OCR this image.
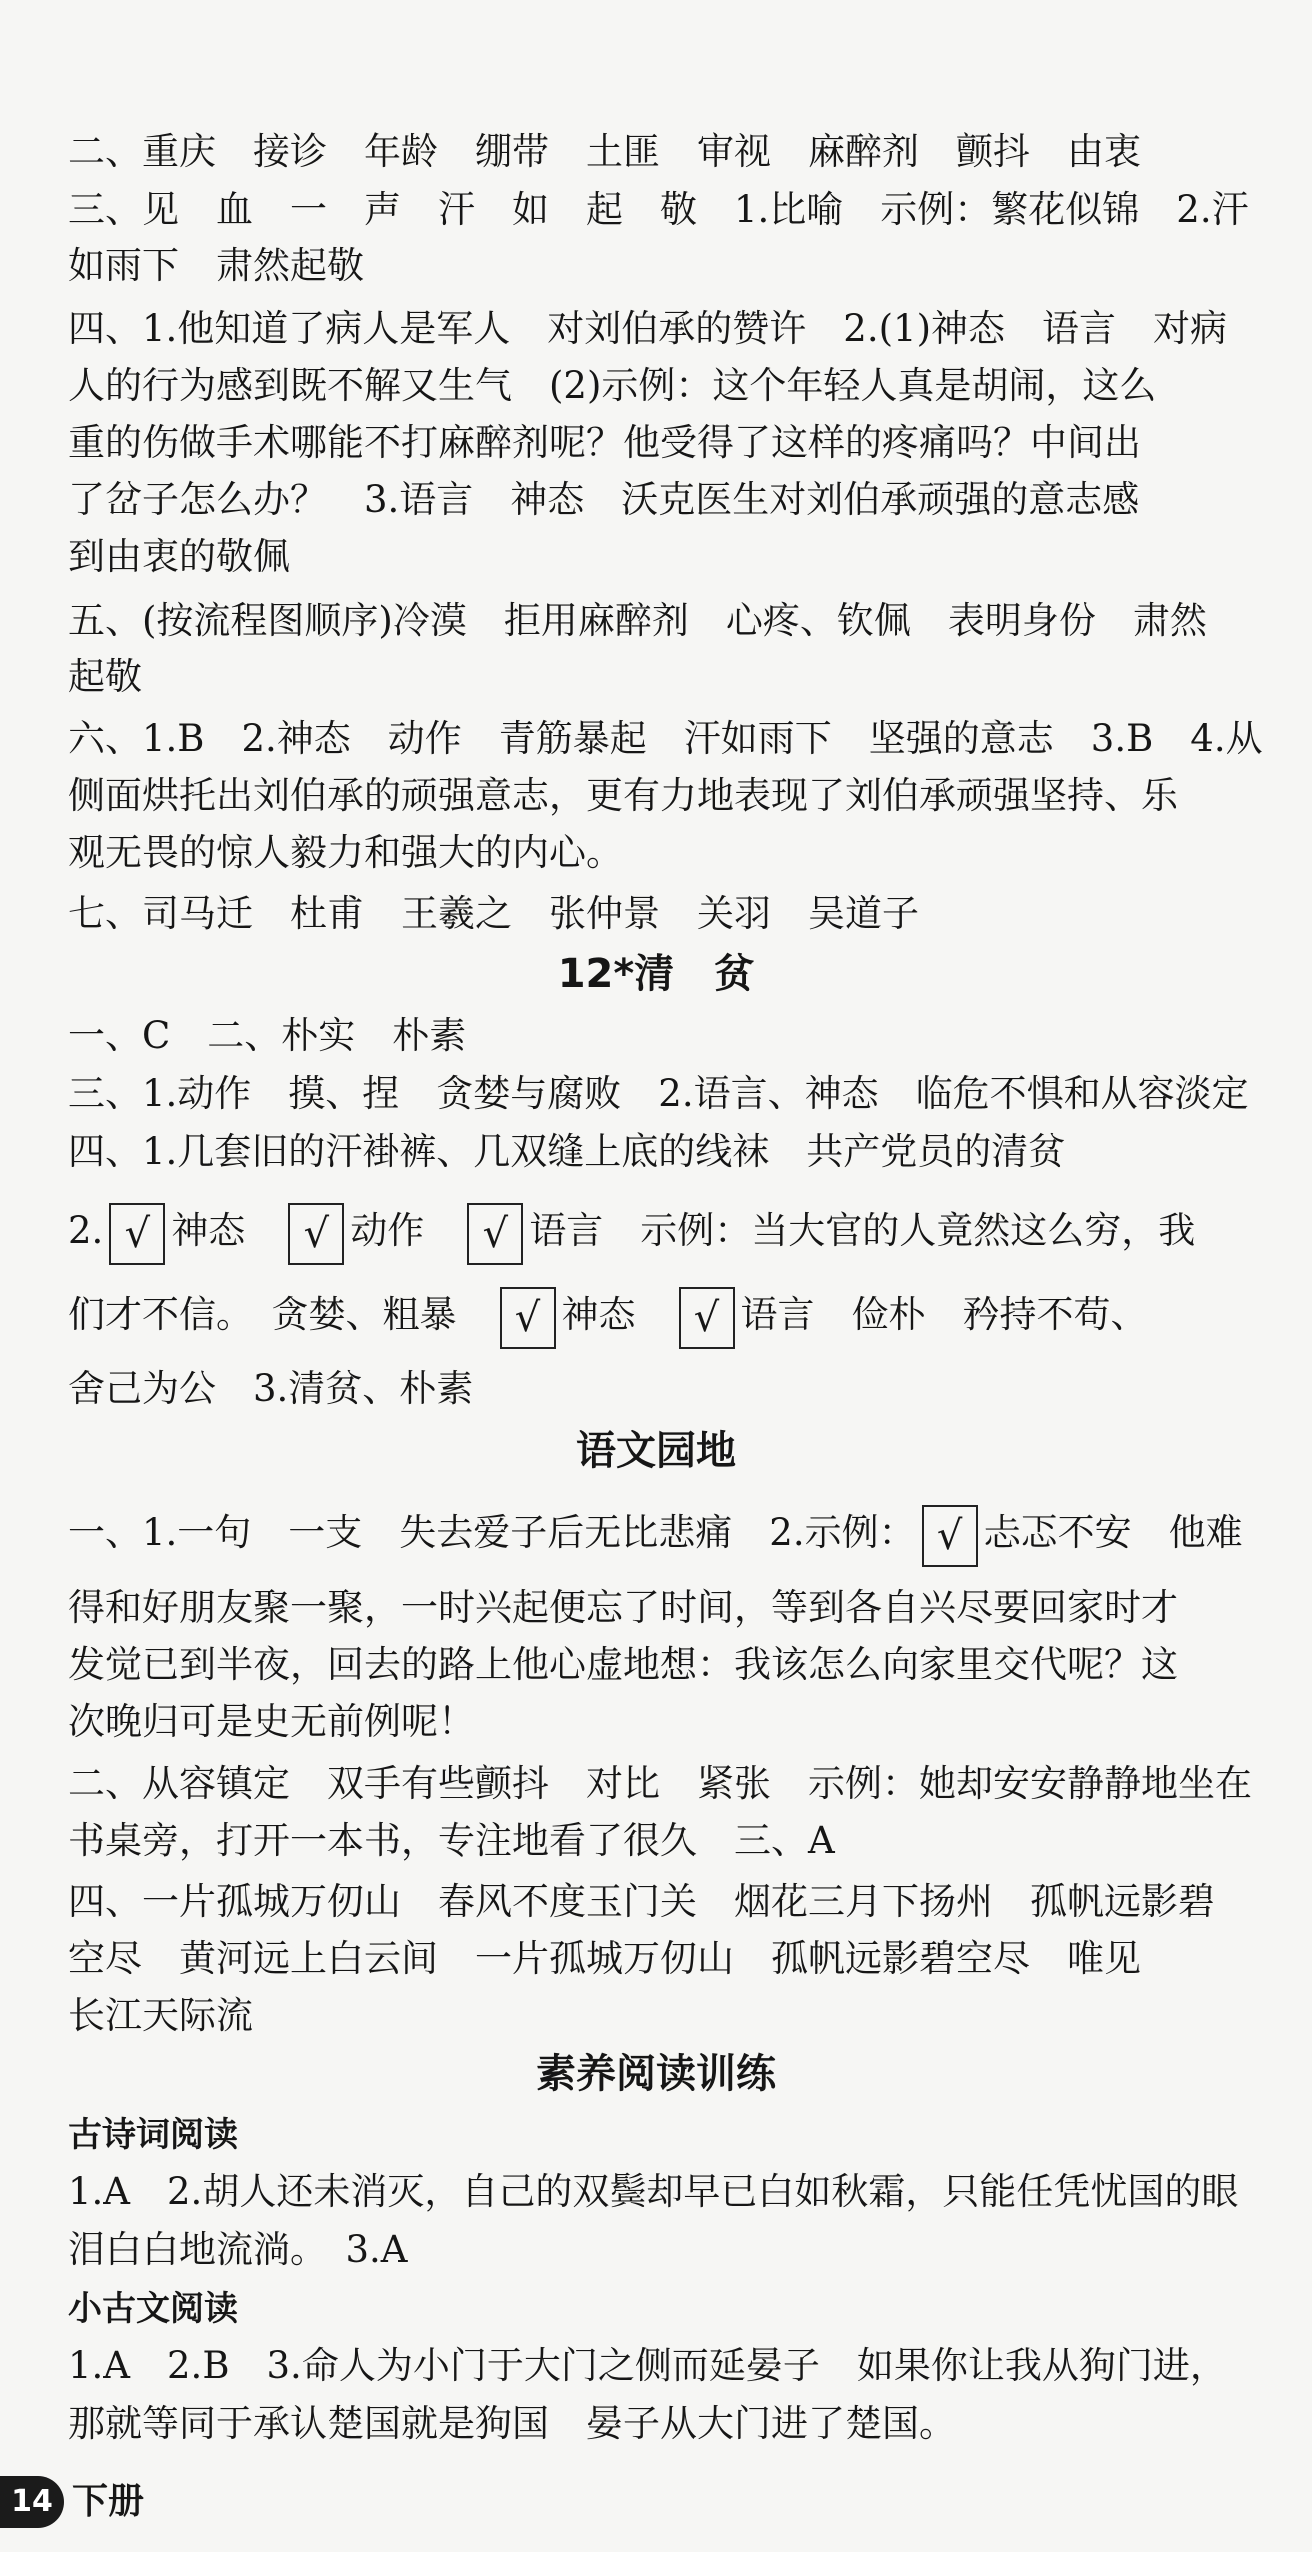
二、重庆　接诊　年龄　绷带　土匪　审视　麻醉剂　颤抖　由衷
三、见　血　一　声　汗　如　起　敬　1.比喻　示例：繁花似锦　2.汗
如雨下　肃然起敬
四、1.他知道了病人是军人　对刘伯承的赞许　2.(1)神态　语言　对病
人的行为感到既不解又生气　(2)示例：这个年轻人真是胡闹，这么
重的伤做手术哪能不打麻醉剂呢？他受得了这样的疼痛吗？中间出
了岔子怎么办？　3.语言　神态　沃克医生对刘伯承顽强的意志感
到由衷的敬佩
五、(按流程图顺序)冷漠　拒用麻醉剂　心疼、钦佩　表明身份　肃然
起敬
六、1.B　2.神态　动作　青筋暴起　汗如雨下　坚强的意志　3.B　4.从
侧面烘托出刘伯承的顽强意志，更有力地表现了刘伯承顽强坚持、乐
观无畏的惊人毅力和强大的内心。
七、司马迁　杜甫　王羲之　张仲景　关羽　吴道子
12*清　贫
一、C　二、朴实　朴素
三、1.动作　摸、捏　贪婪与腐败　2.语言、神态　临危不惧和从容淡定
四、1.几套旧的汗褂裤、几双缝上底的线袜　共产党员的清贫
2. √ 神态　√ 动作　√ 语言　示例：当大官的人竟然这么穷，我
们才不信。　贪婪、粗暴　√ 神态　√ 语言　俭朴　矜持不苟、
舍己为公　3.清贫、朴素
语文园地
一、1.一句　一支　失去爱子后无比悲痛　2.示例： √ 忐忑不安　他难
得和好朋友聚一聚，一时兴起便忘了时间，等到各自兴尽要回家时才
发觉已到半夜，回去的路上他心虚地想：我该怎么向家里交代呢？这
次晚归可是史无前例呢！
二、从容镇定　双手有些颤抖　对比　紧张　示例：她却安安静静地坐在
书桌旁，打开一本书，专注地看了很久　三、A
四、一片孤城万仞山　春风不度玉门关　烟花三月下扬州　孤帆远影碧
空尽　黄河远上白云间　一片孤城万仞山　孤帆远影碧空尽　唯见
长江天际流
素养阅读训练
古诗词阅读
1.A　2.胡人还未消灭，自己的双鬓却早已白如秋霜，只能任凭忧国的眼
泪白白地流淌。　3.A
小古文阅读
1.A　2.B　3.命人为小门于大门之侧而延晏子　如果你让我从狗门进，
那就等同于承认楚国就是狗国　晏子从大门进了楚国。
14 下册
